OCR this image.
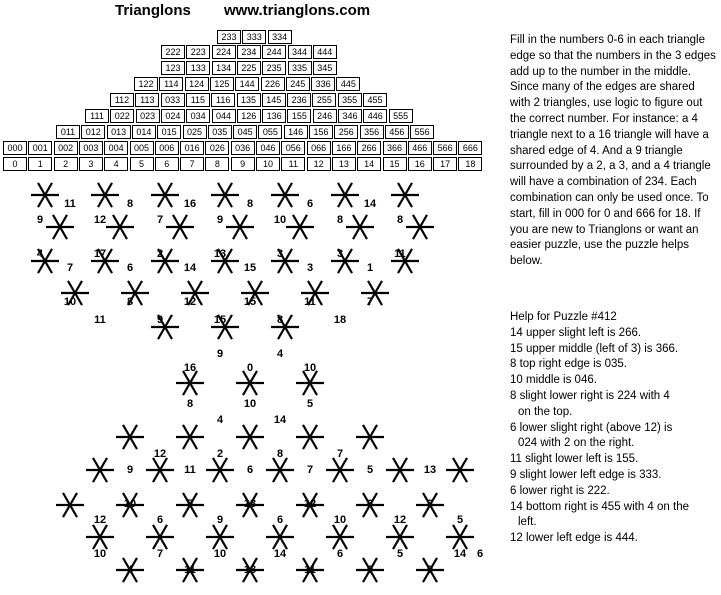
Trianglons www.trianglons.com
233	333	334
222	223	224	234	244	344	444
123	133	134	225	235	335	345
122	114	124	125	144	226	245	336	445
112	113	033	115	116	135	145	236	255	355	455
111	022	023	024	034	044	126	136	155	246	346	446	555
011	012	013	014	015	025	035	045	055	146	156	256	356	456	556
000	001	002	003	004	005	006	016	026	036	046	056	066	166	266	366	466	566	666
0	1	2	3	4	5	6	7	8	9	10	11	12	13	14	15	16	17	18
11	8	16	8	6	14
9	12	7	9	10	8	8
4	17	2	13	3	3	11
7	6	14	15	3	1
10	8	12	15	11	7
11	9	15	8	18
9	4
16	0	10
8	10	5
4	14
12	2	8	7
9	11	6	7	5	13
10	5	13	12	6	8
12	6	9	6	10	12	5
10	7	10	14	6	5	14 6
4	11	13	11	9	9
Fill in the numbers 0-6 in each triangle edge so that the numbers in the 3 edges add up to the number in the middle. Since many of the edges are shared with 2 triangles, use logic to figure out the correct number. For instance: a 4 triangle next to a 16 triangle will have a shared edge of 4. And a 9 triangle surrounded by a 2, a 3, and a 4 triangle will have a combination of 234. Each combination can only be used once. To start, fill in 000 for 0 and 666 for 18. If you are new to Trianglons or want an easier puzzle, use the puzzle helps below.
Help for Puzzle #412
14 upper slight left is 266.
15 upper middle (left of 3) is 366.
8 top right edge is 035.
10 middle is 046.
8 slight lower right is 224 with 4
on the top.
6 lower slight right (above 12) is
024 with 2 on the right.
11 slight lower left is 155.
9 slight lower left edge is 333.
6 lower right is 222.
14 bottom right is 455 with 4 on the
left.
12 lower left edge is 444.
